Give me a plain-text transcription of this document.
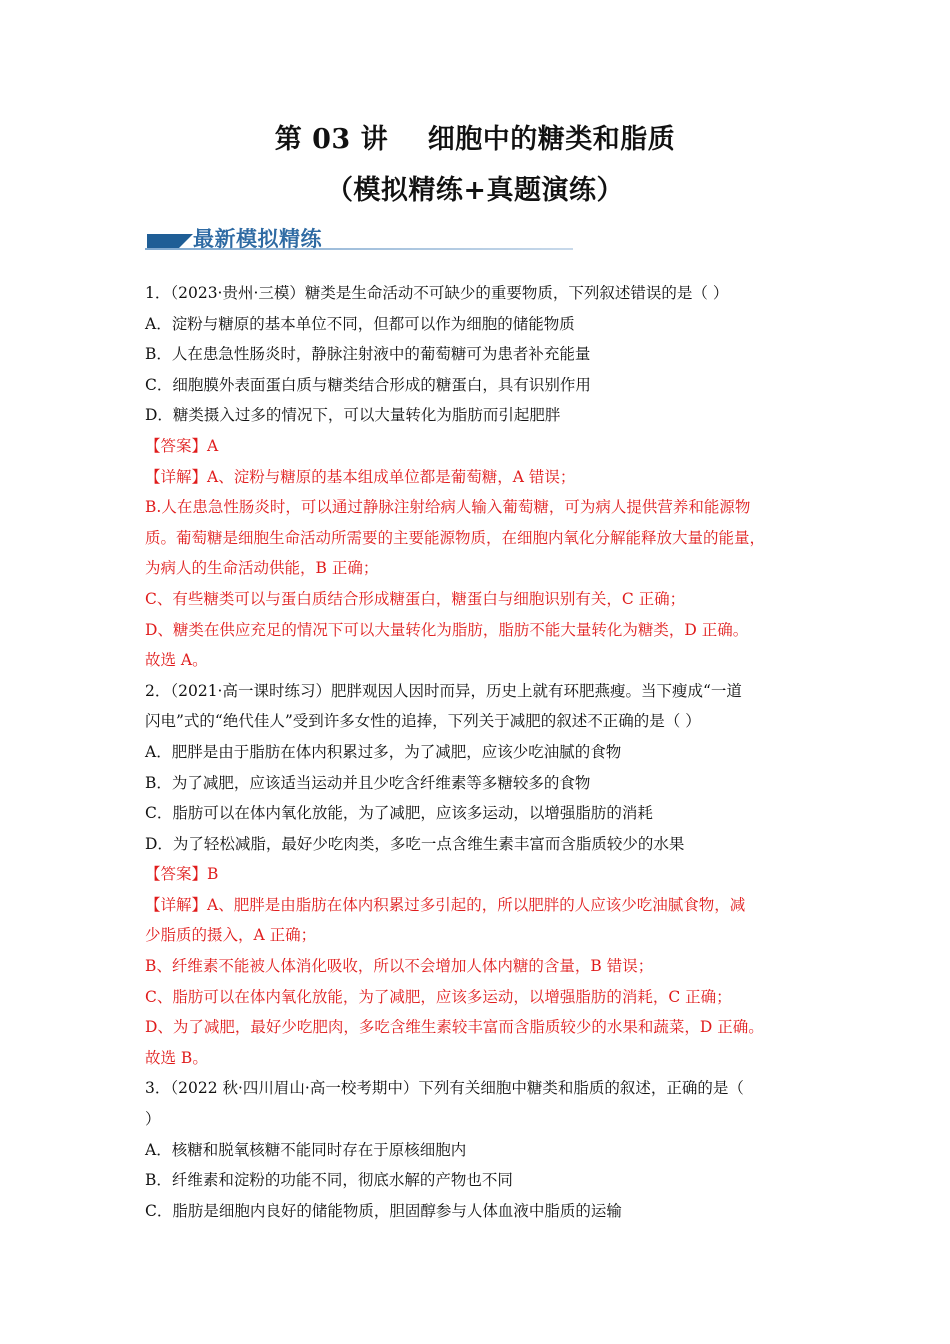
第 03 讲    细胞中的糖类和脂质
（模拟精练+真题演练）
最新模拟精练
1．（2023·贵州·三模）糖类是生命活动不可缺少的重要物质，下列叙述错误的是（ ）
A．淀粉与糖原的基本单位不同，但都可以作为细胞的储能物质
B．人在患急性肠炎时，静脉注射液中的葡萄糖可为患者补充能量
C．细胞膜外表面蛋白质与糖类结合形成的糖蛋白，具有识别作用
D．糖类摄入过多的情况下，可以大量转化为脂肪而引起肥胖
【答案】A
【详解】A、淀粉与糖原的基本组成单位都是葡萄糖，A 错误；
B.人在患急性肠炎时，可以通过静脉注射给病人输入葡萄糖，可为病人提供营养和能源物
质。葡萄糖是细胞生命活动所需要的主要能源物质，在细胞内氧化分解能释放大量的能量，
为病人的生命活动供能，B 正确；
C、有些糖类可以与蛋白质结合形成糖蛋白，糖蛋白与细胞识别有关，C 正确；
D、糖类在供应充足的情况下可以大量转化为脂肪，脂肪不能大量转化为糖类，D 正确。
故选 A。
2．（2021·高一课时练习）肥胖观因人因时而异，历史上就有环肥燕瘦。当下瘦成“一道
闪电”式的“绝代佳人”受到许多女性的追捧，下列关于减肥的叙述不正确的是（ ）
A．肥胖是由于脂肪在体内积累过多，为了减肥，应该少吃油腻的食物
B．为了减肥，应该适当运动并且少吃含纤维素等多糖较多的食物
C．脂肪可以在体内氧化放能，为了减肥，应该多运动，以增强脂肪的消耗
D．为了轻松减脂，最好少吃肉类，多吃一点含维生素丰富而含脂质较少的水果
【答案】B
【详解】A、肥胖是由脂肪在体内积累过多引起的，所以肥胖的人应该少吃油腻食物，减
少脂质的摄入，A 正确；
B、纤维素不能被人体消化吸收，所以不会增加人体内糖的含量，B 错误；
C、脂肪可以在体内氧化放能，为了减肥，应该多运动，以增强脂肪的消耗，C 正确；
D、为了减肥，最好少吃肥肉，多吃含维生素较丰富而含脂质较少的水果和蔬菜，D 正确。
故选 B。
3．（2022 秋·四川眉山·高一校考期中）下列有关细胞中糖类和脂质的叙述，正确的是（
）
A．核糖和脱氧核糖不能同时存在于原核细胞内
B．纤维素和淀粉的功能不同，彻底水解的产物也不同
C．脂肪是细胞内良好的储能物质，胆固醇参与人体血液中脂质的运输
